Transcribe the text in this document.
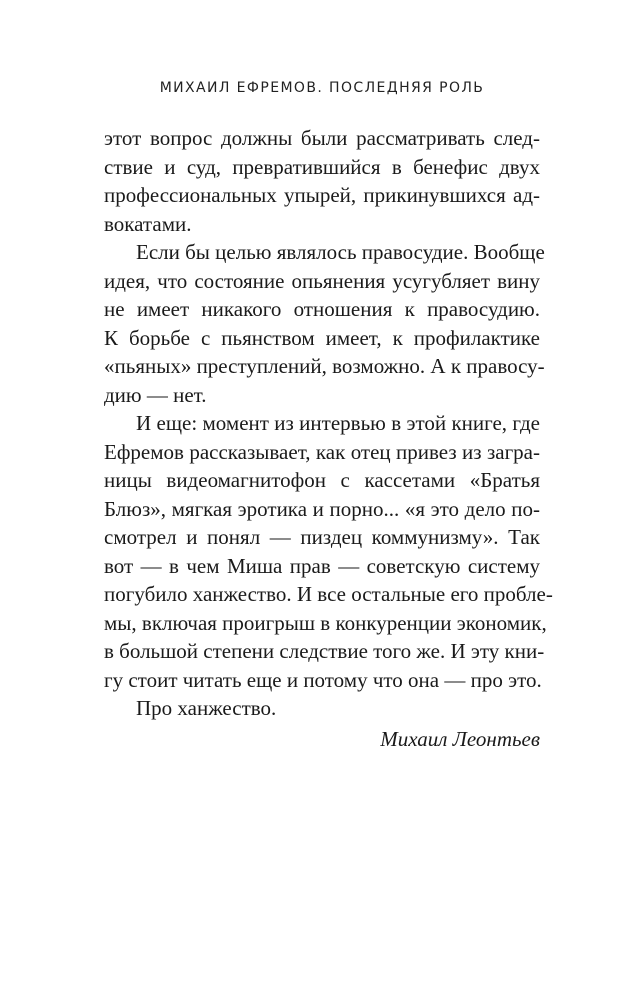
МИХАИЛ ЕФРЕМОВ. ПОСЛЕДНЯЯ РОЛЬ
этот вопрос должны были рассматривать след-
ствие и суд, превратившийся в бенефис двух
профессиональных упырей, прикинувшихся ад-
вокатами.
Если бы целью являлось правосудие. Вообще
идея, что состояние опьянения усугубляет вину
не имеет никакого отношения к правосудию.
К борьбе с пьянством имеет, к профилактике
«пьяных» преступлений, возможно. А к правосу-
дию — нет.
И еще: момент из интервью в этой книге, где
Ефремов рассказывает, как отец привез из загра-
ницы видеомагнитофон с кассетами «Братья
Блюз», мягкая эротика и порно... «я это дело по-
смотрел и понял — пиздец коммунизму». Так
вот — в чем Миша прав — советскую систему
погубило ханжество. И все остальные его пробле-
мы, включая проигрыш в конкуренции экономик,
в большой степени следствие того же. И эту кни-
гу стоит читать еще и потому что она — про это.
Про ханжество.
Михаил Леонтьев
